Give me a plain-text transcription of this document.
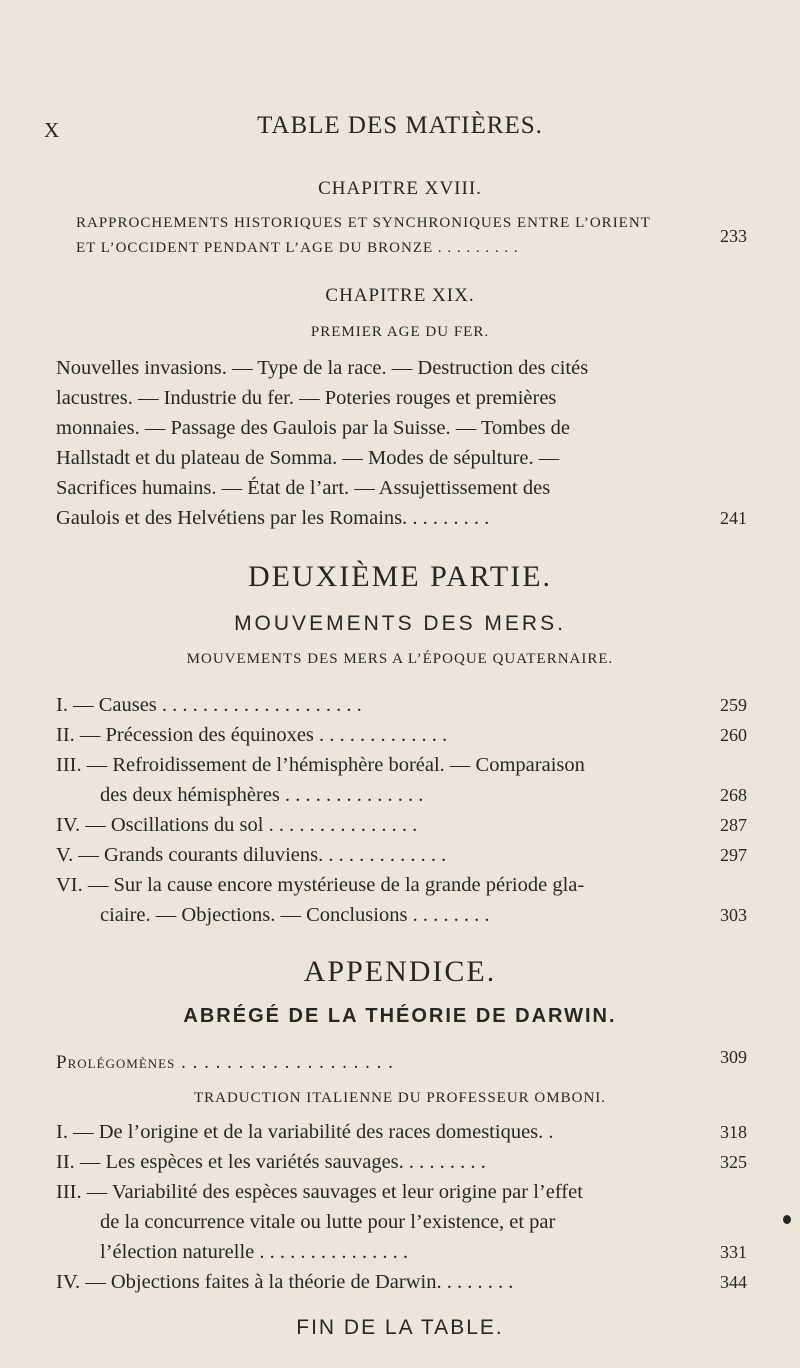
X	TABLE DES MATIÈRES.
CHAPITRE XVIII.
RAPPROCHEMENTS HISTORIQUES ET SYNCHRONIQUES ENTRE L’ORIENT
ET L’OCCIDENT PENDANT L’AGE DU BRONZE . . . . . . . . .
233
CHAPITRE XIX.
PREMIER AGE DU FER.
Nouvelles invasions. — Type de la race. — Destruction des cités
lacustres. — Industrie du fer. — Poteries rouges et premières
monnaies. — Passage des Gaulois par la Suisse. — Tombes de
Hallstadt et du plateau de Somma. — Modes de sépulture. —
Sacrifices humains. — État de l’art. — Assujettissement des
Gaulois et des Helvétiens par les Romains. . . . . . . . .	241
DEUXIÈME PARTIE.
MOUVEMENTS DES MERS.
MOUVEMENTS DES MERS A L’ÉPOQUE QUATERNAIRE.
I. — Causes . . . . . . . . . . . . . . . . . . . .	259
II. — Précession des équinoxes . . . . . . . . . . . . .	260
III. — Refroidissement de l’hémisphère boréal. — Comparaison
des deux hémisphères . . . . . . . . . . . . . .	268
IV. — Oscillations du sol . . . . . . . . . . . . . . .	287
V. — Grands courants diluviens. . . . . . . . . . . . .	297
VI. — Sur la cause encore mystérieuse de la grande période gla-
ciaire. — Objections. — Conclusions . . . . . . . .	303
APPENDICE.
ABRÉGÉ DE LA THÉORIE DE DARWIN.
Prolégomènes . . . . . . . . . . . . . . . . . . .	309
TRADUCTION ITALIENNE DU PROFESSEUR OMBONI.
I. — De l’origine et de la variabilité des races domestiques. .	318
II. — Les espèces et les variétés sauvages. . . . . . . . .	325
III. — Variabilité des espèces sauvages et leur origine par l’effet
de la concurrence vitale ou lutte pour l’existence, et par
l’élection naturelle . . . . . . . . . . . . . . .	331
IV. — Objections faites à la théorie de Darwin. . . . . . . .	344
FIN DE LA TABLE.
